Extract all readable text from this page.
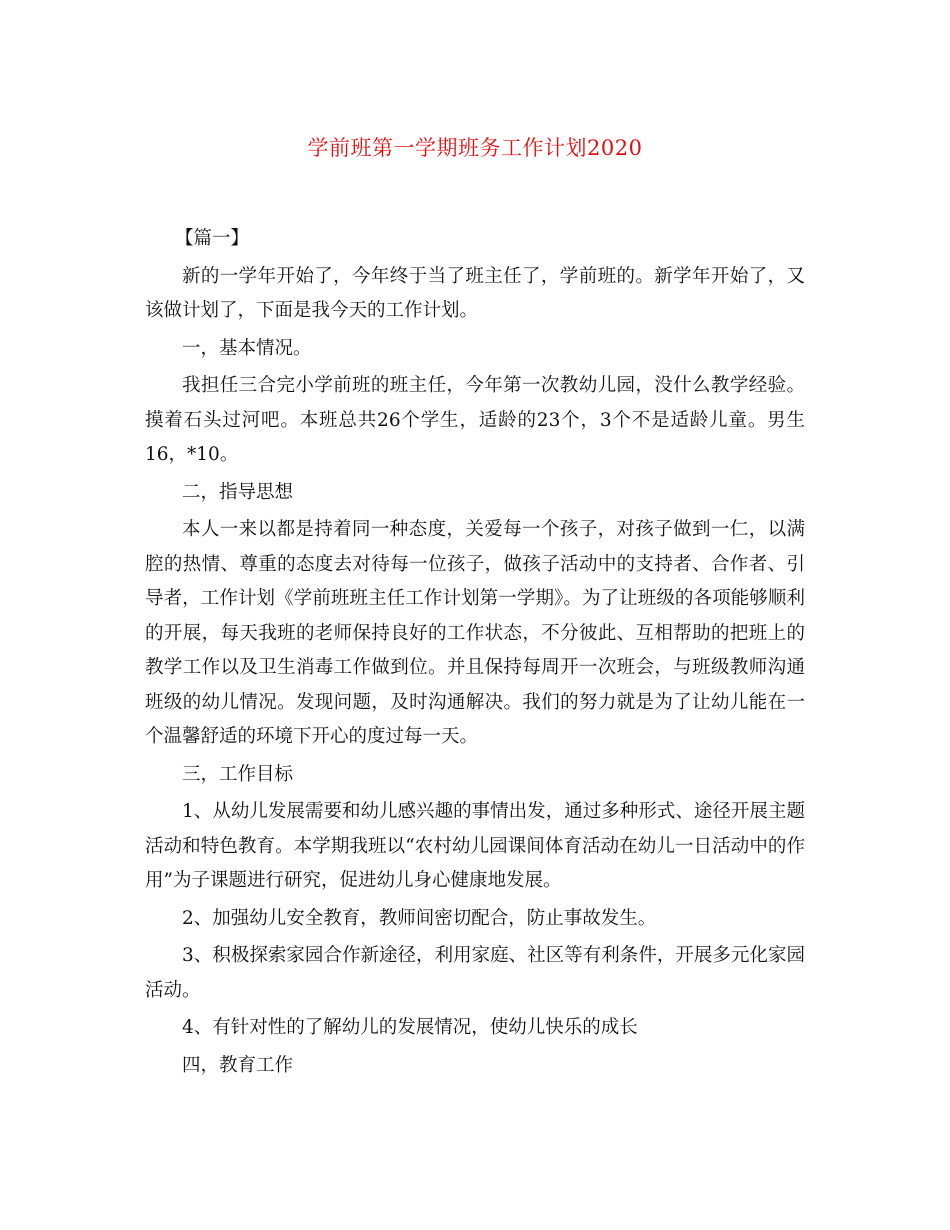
学前班第一学期班务工作计划2020

【篇一】

新的一学年开始了，今年终于当了班主任了，学前班的。新学年开始了，又该做计划了，下面是我今天的工作计划。

一，基本情况。

我担任三合完小学前班的班主任，今年第一次教幼儿园，没什么教学经验。摸着石头过河吧。本班总共26个学生，适龄的23个，3个不是适龄儿童。男生16，*10。

二，指导思想

本人一来以都是持着同一种态度，关爱每一个孩子，对孩子做到一仁，以满腔的热情、尊重的态度去对待每一位孩子，做孩子活动中的支持者、合作者、引导者，工作计划《学前班班主任工作计划第一学期》。为了让班级的各项能够顺利的开展，每天我班的老师保持良好的工作状态，不分彼此、互相帮助的把班上的教学工作以及卫生消毒工作做到位。并且保持每周开一次班会，与班级教师沟通班级的幼儿情况。发现问题，及时沟通解决。我们的努力就是为了让幼儿能在一个温馨舒适的环境下开心的度过每一天。

三，工作目标

1、从幼儿发展需要和幼儿感兴趣的事情出发，通过多种形式、途径开展主题活动和特色教育。本学期我班以“农村幼儿园课间体育活动在幼儿一日活动中的作用”为子课题进行研究，促进幼儿身心健康地发展。

2、加强幼儿安全教育，教师间密切配合，防止事故发生。

3、积极探索家园合作新途径，利用家庭、社区等有利条件，开展多元化家园活动。

4、有针对性的了解幼儿的发展情况，使幼儿快乐的成长

四，教育工作
